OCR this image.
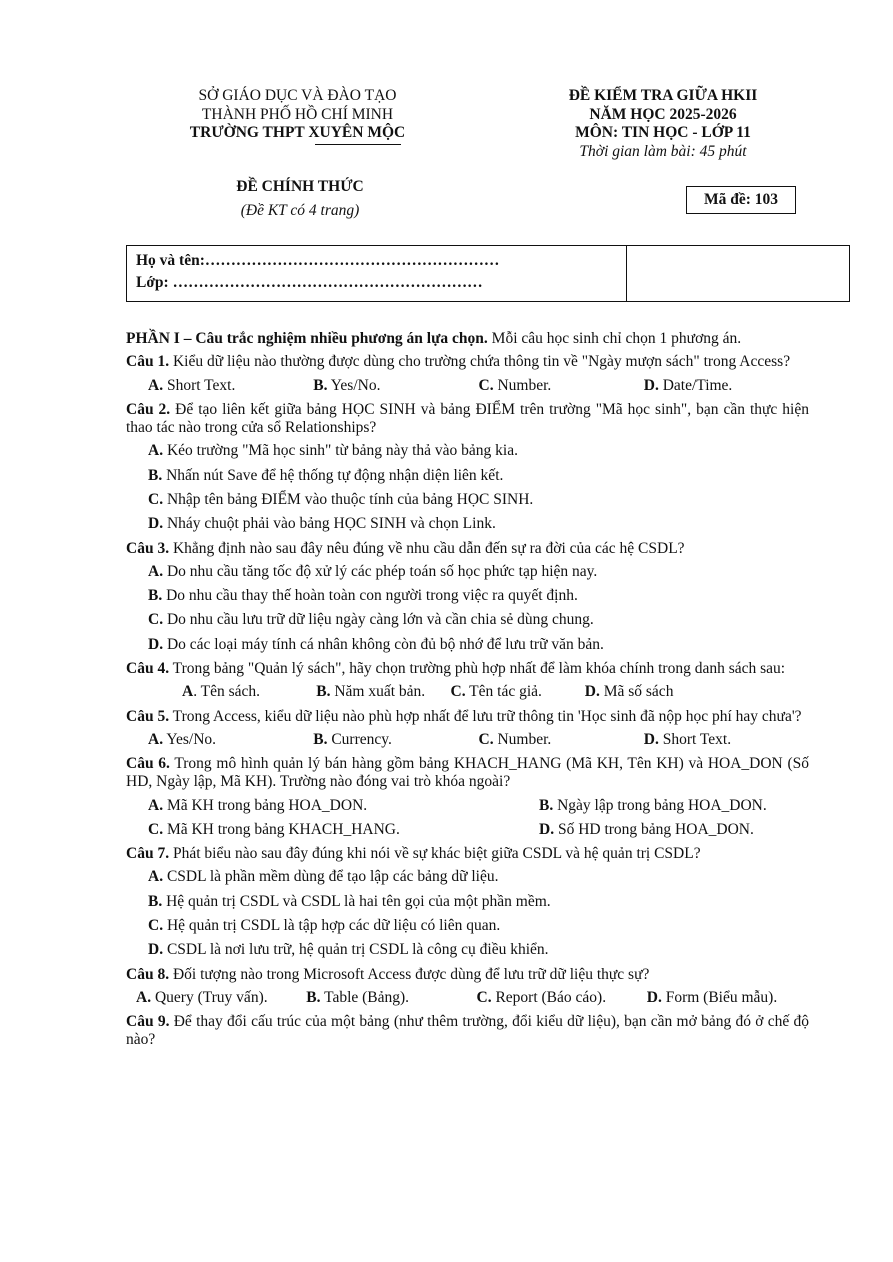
SỞ GIÁO DỤC VÀ ĐÀO TẠO
THÀNH PHỐ HỒ CHÍ MINH
TRƯỜNG THPT XUYÊN MỘC
ĐỀ KIỂM TRA GIỮA HKII
NĂM HỌC 2025-2026
MÔN: TIN HỌC - LỚP 11
Thời gian làm bài: 45 phút
ĐỀ CHÍNH THỨC
(Đề KT có 4 trang)
Mã đề: 103
Họ và tên:…………………………………………………
Lớp: ……………………………………………………

PHẦN I – Câu trắc nghiệm nhiều phương án lựa chọn. Mỗi câu học sinh chỉ chọn 1 phương án.

Câu 1. Kiểu dữ liệu nào thường được dùng cho trường chứa thông tin về "Ngày mượn sách" trong Access?
A. Short Text.	B. Yes/No.	C. Number.	D. Date/Time.
Câu 2. Để tạo liên kết giữa bảng HỌC SINH và bảng ĐIỂM trên trường "Mã học sinh", bạn cần thực hiện thao tác nào trong cửa sổ Relationships?
A. Kéo trường "Mã học sinh" từ bảng này thả vào bảng kia.
B. Nhấn nút Save để hệ thống tự động nhận diện liên kết.
C. Nhập tên bảng ĐIỂM vào thuộc tính của bảng HỌC SINH.
D. Nháy chuột phải vào bảng HỌC SINH và chọn Link.
Câu 3. Khẳng định nào sau đây nêu đúng về nhu cầu dẫn đến sự ra đời của các hệ CSDL?
A. Do nhu cầu tăng tốc độ xử lý các phép toán số học phức tạp hiện nay.
B. Do nhu cầu thay thế hoàn toàn con người trong việc ra quyết định.
C. Do nhu cầu lưu trữ dữ liệu ngày càng lớn và cần chia sẻ dùng chung.
D. Do các loại máy tính cá nhân không còn đủ bộ nhớ để lưu trữ văn bản.
Câu 4. Trong bảng "Quản lý sách", hãy chọn trường phù hợp nhất để làm khóa chính trong danh sách sau:
A. Tên sách.	B. Năm xuất bản.	C. Tên tác giả.	D. Mã số sách
Câu 5. Trong Access, kiểu dữ liệu nào phù hợp nhất để lưu trữ thông tin 'Học sinh đã nộp học phí hay chưa'?
A. Yes/No.	B. Currency.	C. Number.	D. Short Text.
Câu 6. Trong mô hình quản lý bán hàng gồm bảng KHACH_HANG (Mã KH, Tên KH) và HOA_DON (Số HD, Ngày lập, Mã KH). Trường nào đóng vai trò khóa ngoài?
A. Mã KH trong bảng HOA_DON.	B. Ngày lập trong bảng HOA_DON.
C. Mã KH trong bảng KHACH_HANG.	D. Số HD trong bảng HOA_DON.
Câu 7. Phát biểu nào sau đây đúng khi nói về sự khác biệt giữa CSDL và hệ quản trị CSDL?
A. CSDL là phần mềm dùng để tạo lập các bảng dữ liệu.
B. Hệ quản trị CSDL và CSDL là hai tên gọi của một phần mềm.
C. Hệ quản trị CSDL là tập hợp các dữ liệu có liên quan.
D. CSDL là nơi lưu trữ, hệ quản trị CSDL là công cụ điều khiển.
Câu 8. Đối tượng nào trong Microsoft Access được dùng để lưu trữ dữ liệu thực sự?
A. Query (Truy vấn).	B. Table (Bảng).	C. Report (Báo cáo).	D. Form (Biểu mẫu).
Câu 9. Để thay đổi cấu trúc của một bảng (như thêm trường, đổi kiểu dữ liệu), bạn cần mở bảng đó ở chế độ nào?
